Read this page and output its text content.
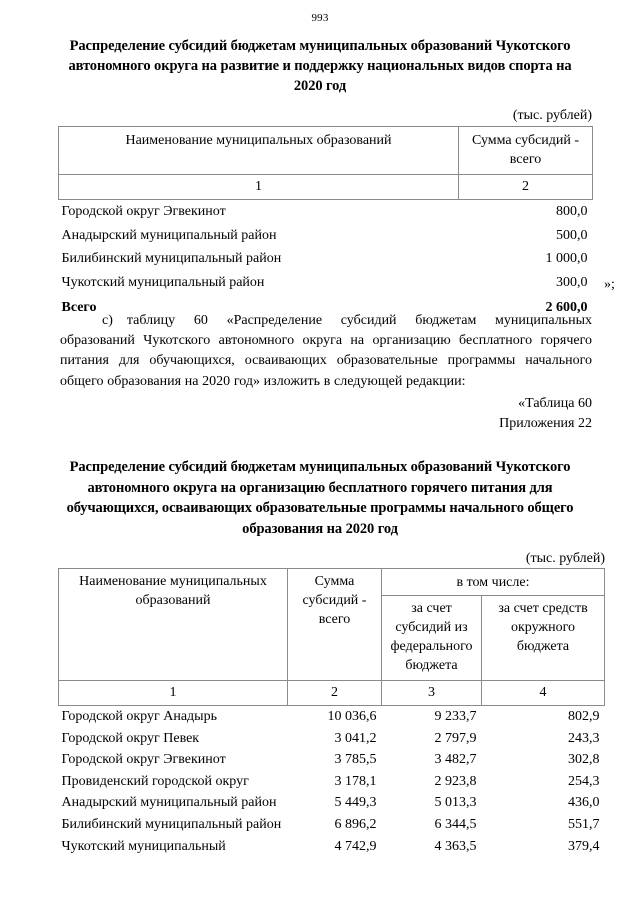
993
Распределение субсидий бюджетам муниципальных образований Чукотского автономного округа на развитие и поддержку национальных видов спорта на 2020 год
(тыс. рублей)
Наименование муниципальных образований	Сумма субсидий - всего
1	2
Городской округ Эгвекинот	800,0
Анадырский муниципальный район	500,0
Билибинский муниципальный район	1 000,0
Чукотский муниципальный район	300,0
Всего	2 600,0
»;
с) таблицу 60 «Распределение субсидий бюджетам муниципальных образований Чукотского автономного округа на организацию бесплатного горячего питания для обучающихся, осваивающих образовательные программы начального общего образования на 2020 год» изложить в следующей редакции:
«Таблица 60
Приложения 22
Распределение субсидий бюджетам муниципальных образований Чукотского автономного округа на организацию бесплатного горячего питания для обучающихся, осваивающих образовательные программы начального общего образования на 2020 год
(тыс. рублей)
Наименование муниципальных образований	Сумма субсидий - всего	в том числе:	
		за счет субсидий из федерального бюджета	за счет средств окружного бюджета
1	2	3	4
Городской округ Анадырь	10 036,6	9 233,7	802,9
Городской округ Певек	3 041,2	2 797,9	243,3
Городской округ Эгвекинот	3 785,5	3 482,7	302,8
Провиденский городской округ	3 178,1	2 923,8	254,3
Анадырский муниципальный район	5 449,3	5 013,3	436,0
Билибинский муниципальный район	6 896,2	6 344,5	551,7
Чукотский муниципальный	4 742,9	4 363,5	379,4
